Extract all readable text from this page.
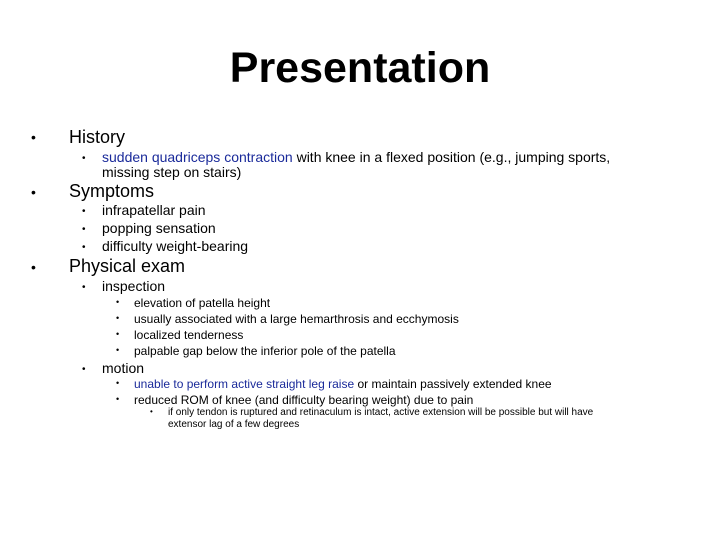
Presentation
• History
• sudden quadriceps contraction with knee in a flexed position (e.g., jumping sports,
missing step on stairs)
• Symptoms
• infrapatellar pain
• popping sensation
• difficulty weight-bearing
• Physical exam
• inspection
• elevation of patella height
• usually associated with a large hemarthrosis and ecchymosis
• localized tenderness
• palpable gap below the inferior pole of the patella
• motion
• unable to perform active straight leg raise or maintain passively extended knee
• reduced ROM of knee (and difficulty bearing weight) due to pain
• if only tendon is ruptured and retinaculum is intact, active extension will be possible but will have
extensor lag of a few degrees
